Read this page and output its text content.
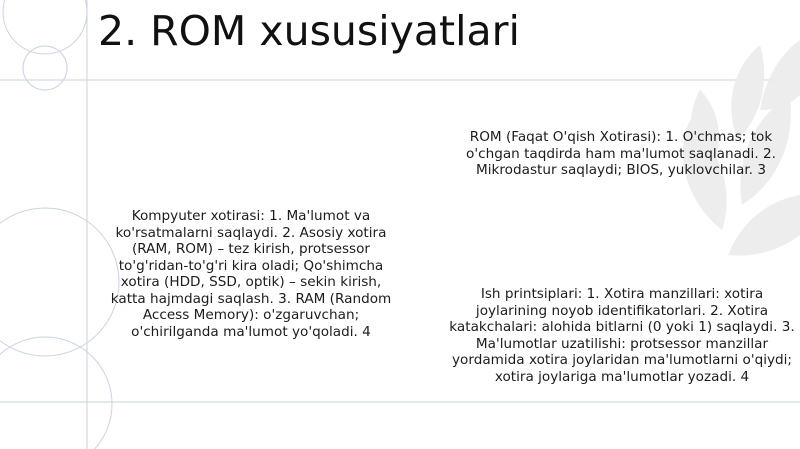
2. ROM xususiyatlari
Kompyuter xotirasi: 1. Ma'lumot va ko'rsatmalarni saqlaydi. 2. Asosiy xotira (RAM, ROM) – tez kirish, protsessor to'g'ridan-to'g'ri kira oladi; Qo'shimcha xotira (HDD, SSD, optik) – sekin kirish, katta hajmdagi saqlash. 3. RAM (Random Access Memory): o'zgaruvchan; o'chirilganda ma'lumot yo'qoladi. 4
ROM (Faqat O'qish Xotirasi): 1. O'chmas; tok o'chgan taqdirda ham ma'lumot saqlanadi. 2. Mikrodastur saqlaydi; BIOS, yuklovchilar. 3
Ish printsiplari: 1. Xotira manzillari: xotira joylarining noyob identifikatorlari. 2. Xotira katakchalari: alohida bitlarni (0 yoki 1) saqlaydi. 3. Ma'lumotlar uzatilishi: protsessor manzillar yordamida xotira joylaridan ma'lumotlarni o'qiydi; xotira joylariga ma'lumotlar yozadi. 4
